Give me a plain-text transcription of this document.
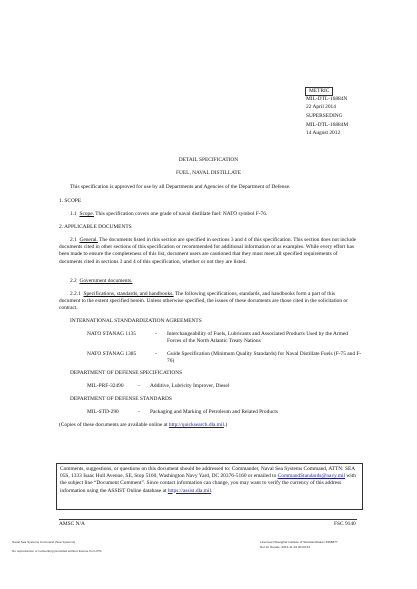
METRIC
MIL-DTL-16884N
22 April 2014
SUPERSEDING
MIL-DTL-16884M
14 August 2012
DETAIL SPECIFICATION
FUEL, NAVAL DISTILLATE
This specification is approved for use by all Departments and Agencies of the Department of Defense.
1. SCOPE
1.1 Scope. This specification covers one grade of naval distillate fuel: NATO symbol F-76.
2. APPLICABLE DOCUMENTS
2.1 General. The documents listed in this section are specified in sections 3 and 4 of this specification. This section does not include documents cited in other sections of this specification or recommended for additional information or as examples. While every effort has been made to ensure the completeness of this list, document users are cautioned that they must meet all specified requirements of documents cited in sections 3 and 4 of this specification, whether or not they are listed.
2.2 Government documents.
2.2.1 Specifications, standards, and handbooks. The following specifications, standards, and handbooks form a part of this document to the extent specified herein. Unless otherwise specified, the issues of these documents are those cited in the solicitation or contract.
INTERNATIONAL STANDARDIZATION AGREEMENTS
NATO STANAG 1135	- Interchangeability of Fuels, Lubricants and Associated Products Used by the Armed Forces of the North Atlantic Treaty Nations
NATO STANAG 1385	- Guide Specification (Minimum Quality Standards) for Naval Distillate Fuels (F-75 and F-76)
DEPARTMENT OF DEFENSE SPECIFICATIONS
MIL-PRF-32490	- Additive, Lubricity Improver, Diesel
DEPARTMENT OF DEFENSE STANDARDS
MIL-STD-290	- Packaging and Marking of Petroleum and Related Products
(Copies of these documents are available online at http://quicksearch.dla.mil.)
Comments, suggestions, or questions on this document should be addressed to: Commander, Naval Sea Systems Command, ATTN: SEA 05S, 1333 Isaac Hull Avenue, SE, Stop 5160, Washington Navy Yard, DC 20376-5160 or emailed to CommandStandards@navy.mil with the subject line “Document Comment”. Since contact information can change, you may want to verify the currency of this address information using the ASSIST Online database at https://assist.dla.mil.
AMSC N/A	FSC 9140
Naval Sea Systems Command (Sea Systems)
No reproduction or networking permitted without license from IHS
Licensee=Shanghai Institute of Standardization 5958877
Not for Resale, 2014-11-04 00:00:44
